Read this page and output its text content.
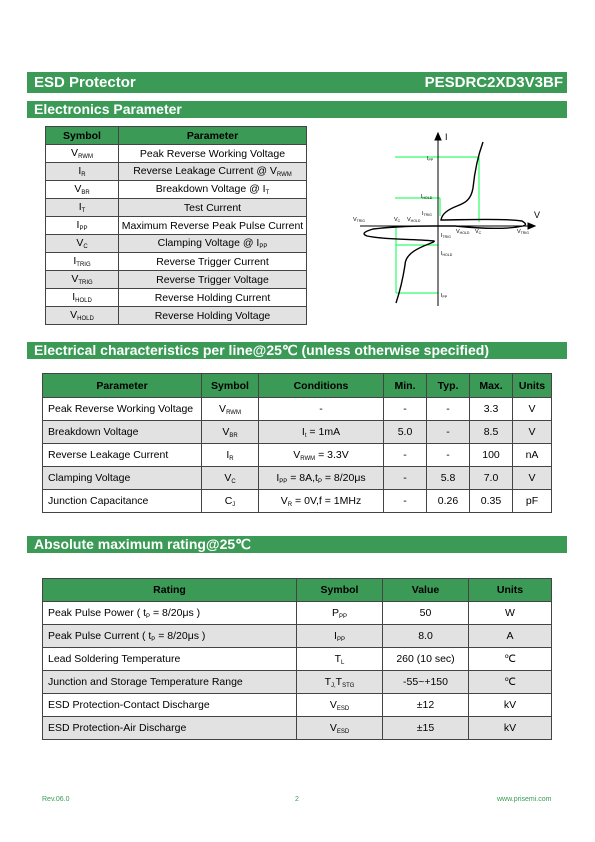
ESD Protector	PESDRC2XD3V3BF
Electronics Parameter
Symbol	Parameter
$V_{RWM}$	Peak Reverse Working Voltage
$I_R$	Reverse Leakage Current @ $V_{RWM}$
$V_{BR}$	Breakdown Voltage @ $I_T$
$I_T$	Test Current
$I_{PP}$	Maximum Reverse Peak Pulse Current
$V_C$	Clamping Voltage @ $I_{PP}$
$I_{TRIG}$	Reverse Trigger Current
$V_{TRIG}$	Reverse Trigger Voltage
$I_{HOLD}$	Reverse Holding Current
$V_{HOLD}$	Reverse Holding Voltage
I
V
IPP
IHOLD
ITRIG
VTRIG	VC VHOLD
ITRIG
VHOLD VC	VTRIG
IHOLD
IPP
Electrical characteristics per line@25℃ (unless otherwise specified)
Parameter	Symbol	Conditions	Min.	Typ.	Max.	Units
Peak Reverse Working Voltage	$V_{RWM}$	-	-	-	3.3	V
Breakdown Voltage	$V_{BR}$	$I_t = 1mA$	5.0	-	8.5	V
Reverse Leakage Current	$I_R$	$V_{RWM} = 3.3V$	-	-	100	nA
Clamping Voltage	$V_C$	$I_{PP} = 8A,t_P = 8/20\mu s$	-	5.8	7.0	V
Junction Capacitance	$C_J$	$V_R = 0V,f = 1MHz$	-	0.26	0.35	pF
Absolute maximum rating@25℃
Rating	Symbol	Value	Units
Peak Pulse Power ( $t_P = 8/20\mu s$ )	$P_{PP}$	50	W
Peak Pulse Current ( $t_P = 8/20\mu s$ )	$I_{PP}$	8.0	A
Lead Soldering Temperature	$T_L$	260 (10 sec)	℃
Junction and Storage Temperature Range	$T_{J,}T_{STG}$	-55~+150	℃
ESD Protection-Contact Discharge	$V_{ESD}$	±12	kV
ESD Protection-Air Discharge	$V_{ESD}$	±15	kV
Rev.06.0	2	www.prisemi.com
